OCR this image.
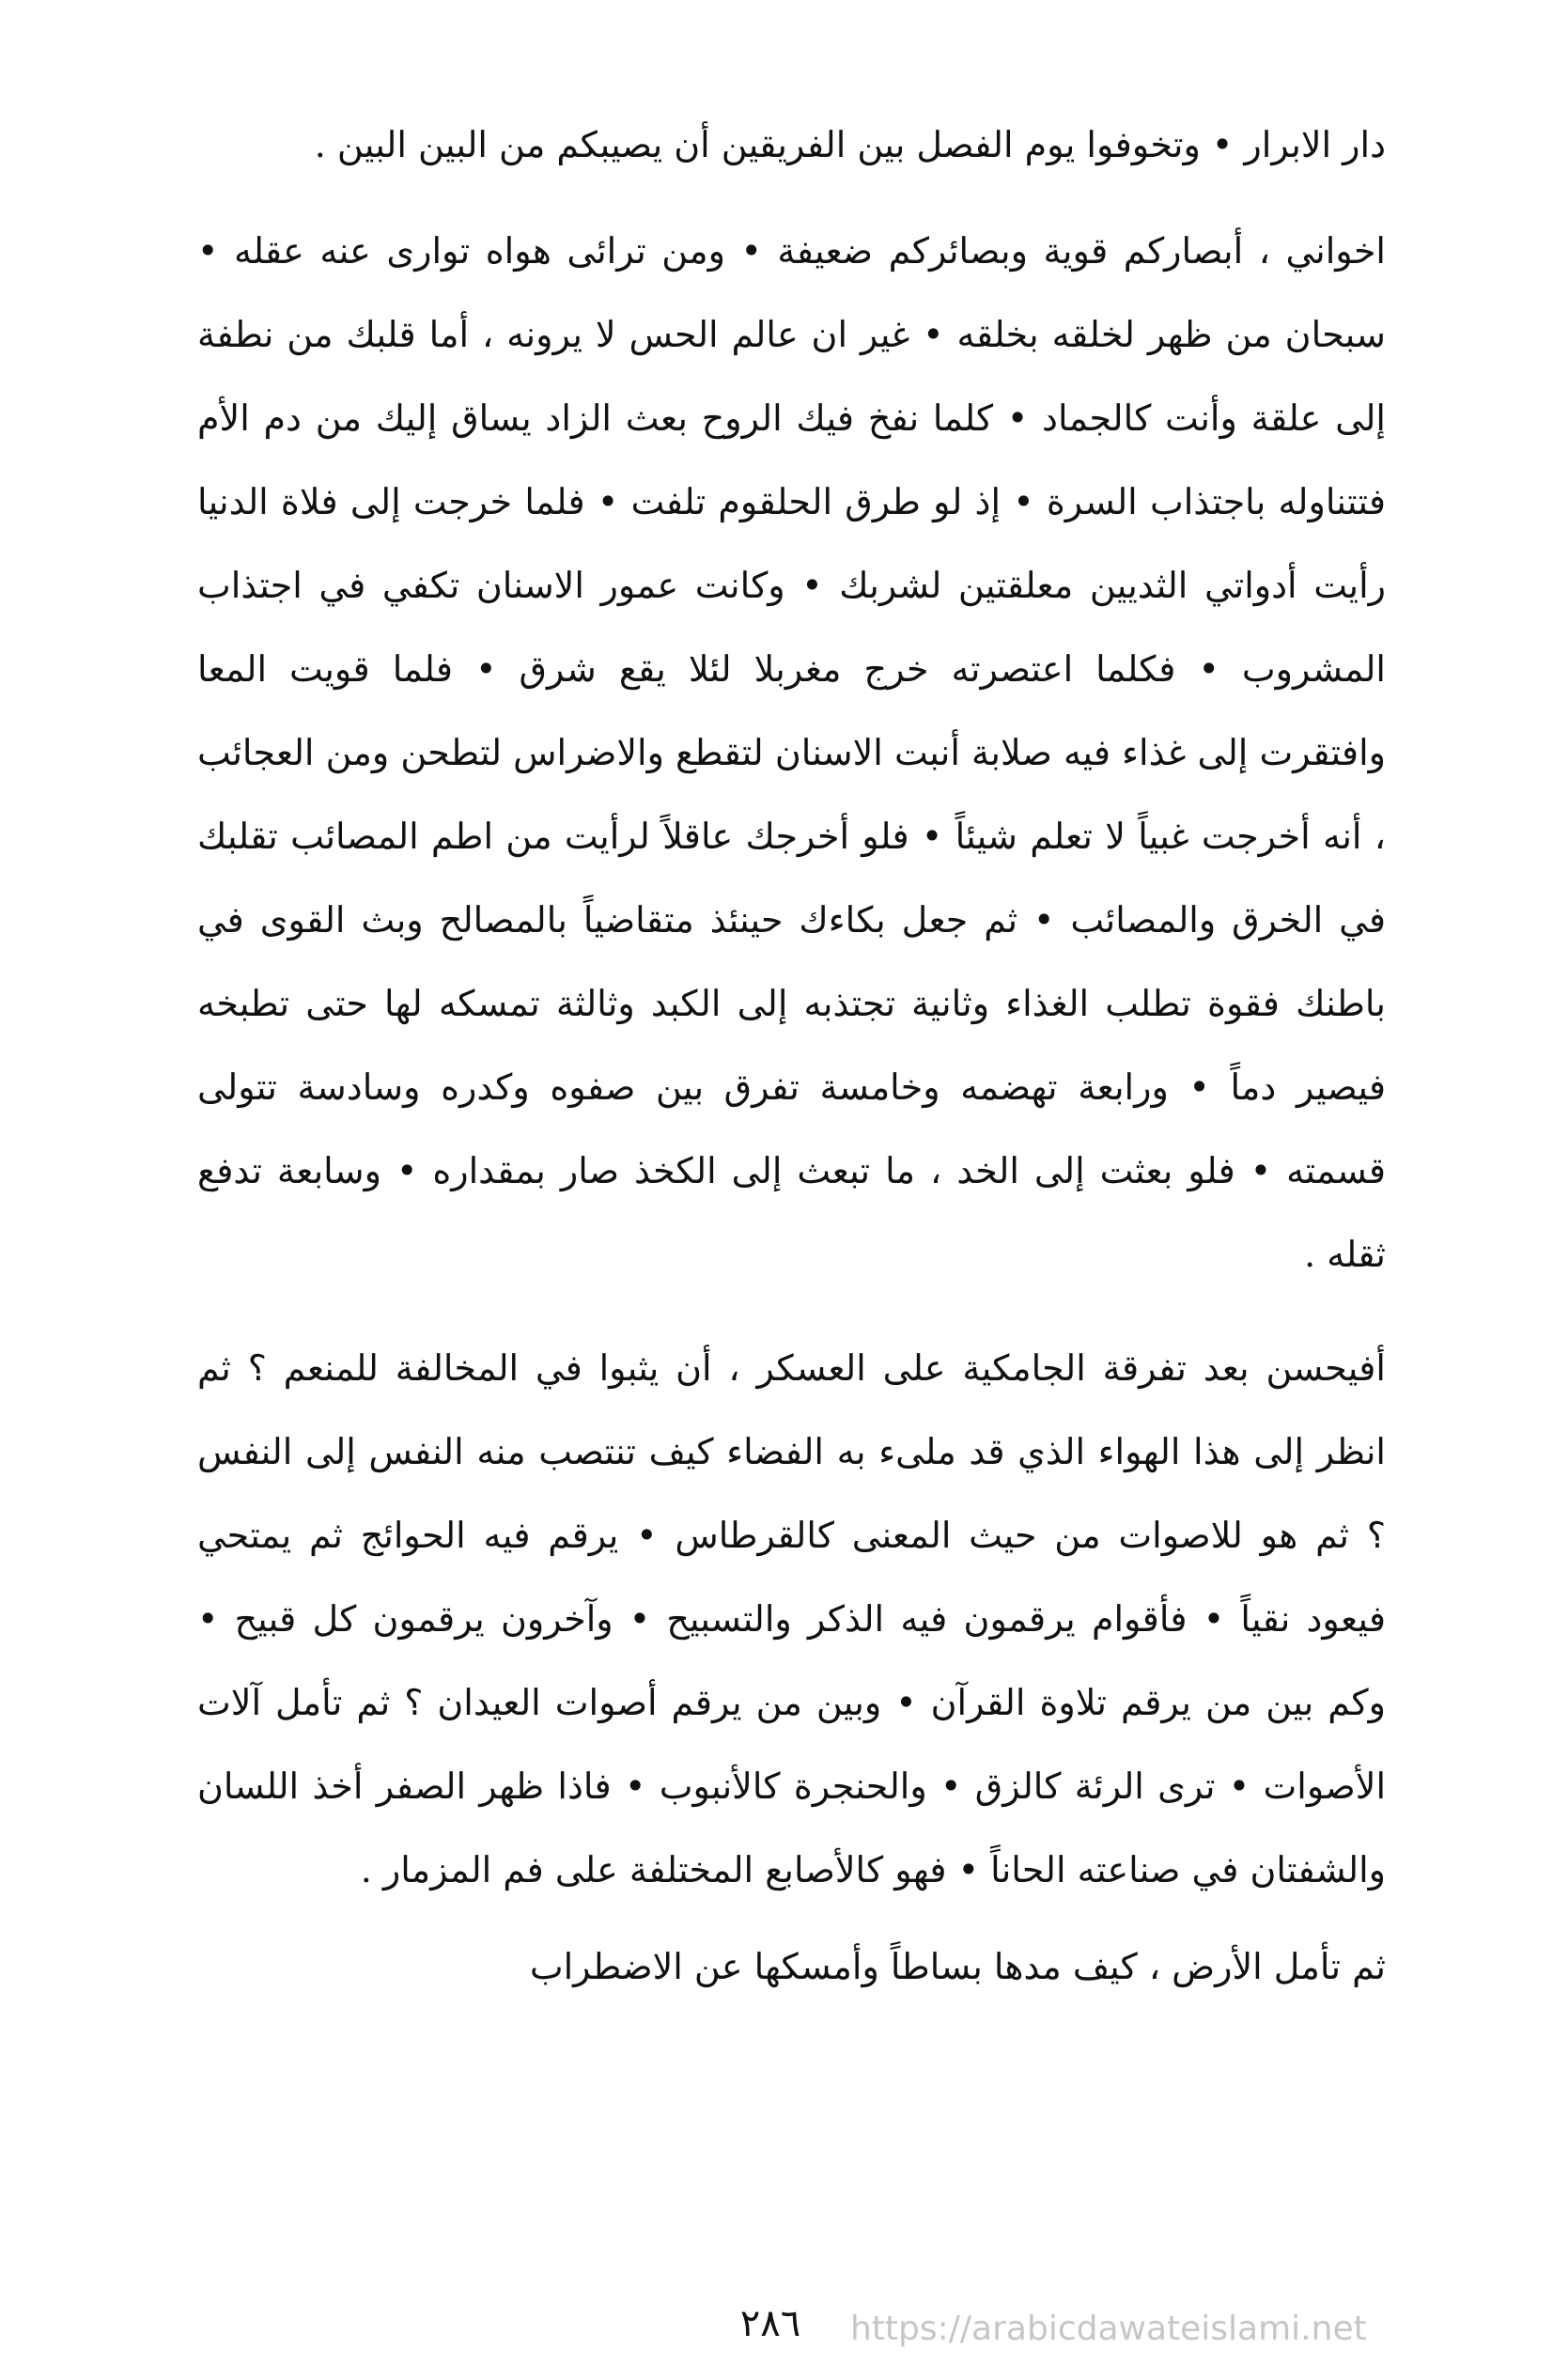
دار الابرار • وتخوفوا يوم الفصل بين الفريقين أن يصيبكم من البين البين .

اخواني ، أبصاركم قوية وبصائركم ضعيفة • ومن ترائى هواه توارى عنه عقله • سبحان من ظهر لخلقه بخلقه • غير ان عالم الحس لا يرونه ، أما قلبك من نطفة إلى علقة وأنت كالجماد • كلما نفخ فيك الروح بعث الزاد يساق إليك من دم الأم فتتناوله باجتذاب السرة • إذ لو طرق الحلقوم تلفت • فلما خرجت إلى فلاة الدنيا رأيت أدواتي الثديين معلقتين لشربك • وكانت عمور الاسنان تكفي في اجتذاب المشروب • فكلما اعتصرته خرج مغربلا لئلا يقع شرق • فلما قويت المعا وافتقرت إلى غذاء فيه صلابة أنبت الاسنان لتقطع والاضراس لتطحن ومن العجائب ، أنه أخرجت غبياً لا تعلم شيئاً • فلو أخرجك عاقلاً لرأيت من اطم المصائب تقلبك في الخرق والمصائب • ثم جعل بكاءك حينئذ متقاضياً بالمصالح وبث القوى في باطنك فقوة تطلب الغذاء وثانية تجتذبه إلى الكبد وثالثة تمسكه لها حتى تطبخه فيصير دماً • ورابعة تهضمه وخامسة تفرق بين صفوه وكدره وسادسة تتولى قسمته • فلو بعثت إلى الخد ، ما تبعث إلى الكخذ صار بمقداره • وسابعة تدفع ثقله .

أفيحسن بعد تفرقة الجامكية على العسكر ، أن يثبوا في المخالفة للمنعم ؟ ثم انظر إلى هذا الهواء الذي قد ملىء به الفضاء كيف تنتصب منه النفس إلى النفس ؟ ثم هو للاصوات من حيث المعنى كالقرطاس • يرقم فيه الحوائج ثم يمتحي فيعود نقياً • فأقوام يرقمون فيه الذكر والتسبيح • وآخرون يرقمون كل قبيح • وكم بين من يرقم تلاوة القرآن • وبين من يرقم أصوات العيدان ؟ ثم تأمل آلات الأصوات • ترى الرئة كالزق • والحنجرة كالأنبوب • فاذا ظهر الصفر أخذ اللسان والشفتان في صناعته الحاناً • فهو كالأصابع المختلفة على فم المزمار .

ثم تأمل الأرض ، كيف مدها بساطاً وأمسكها عن الاضطراب

٢٨٦	https://arabicdawateislami.net
